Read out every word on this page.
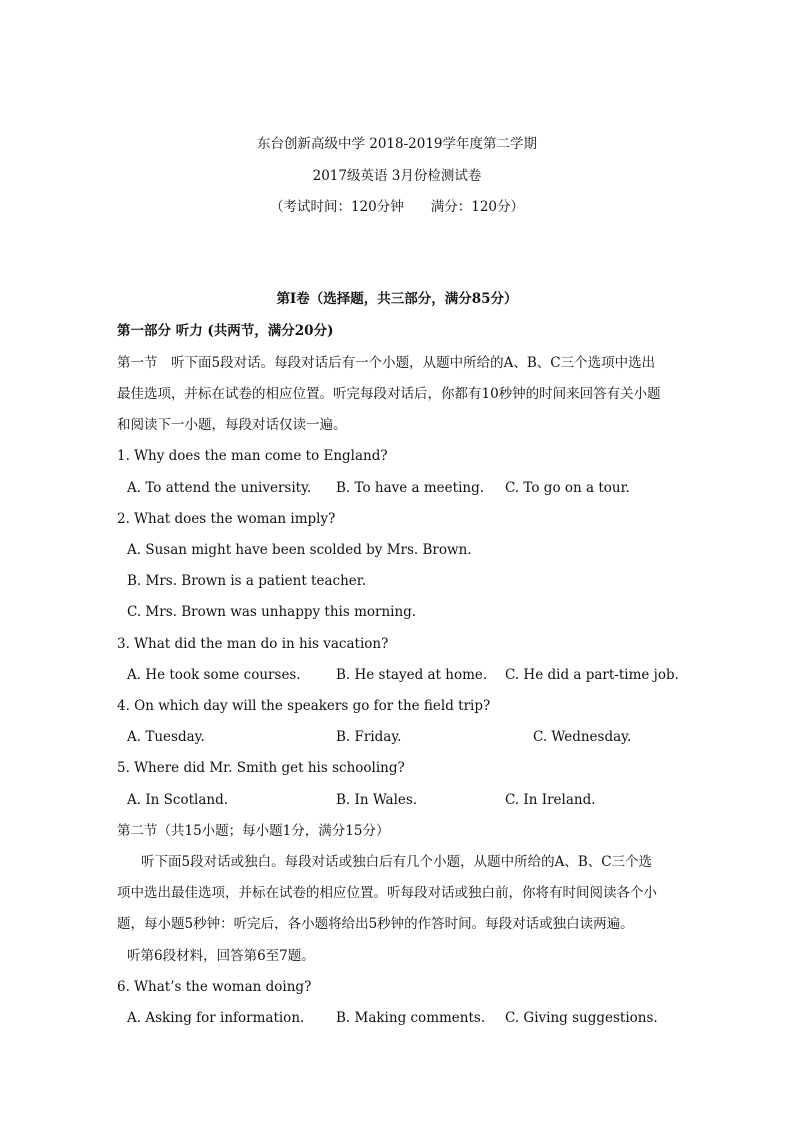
东台创新高级中学 2018-2019学年度第二学期
2017级英语 3月份检测试卷
（考试时间：120分钟　　满分：120分）
第I卷（选择题，共三部分，满分85分）
第一部分 听力 (共两节，满分20分)
第一节　听下面5段对话。每段对话后有一个小题，从题中所给的A、B、C三个选项中选出
最佳选项，并标在试卷的相应位置。听完每段对话后，你都有10秒钟的时间来回答有关小题
和阅读下一小题，每段对话仅读一遍。
1. Why does the man come to England?
A. To attend the university. B. To have a meeting. C. To go on a tour.
2. What does the woman imply?
A. Susan might have been scolded by Mrs. Brown.
B. Mrs. Brown is a patient teacher.
C. Mrs. Brown was unhappy this morning.
3. What did the man do in his vacation?
A. He took some courses.	B. He stayed at home. C. He did a part-time job.
4. On which day will the speakers go for the field trip?
A. Tuesday.	B. Friday.	C. Wednesday.
5. Where did Mr. Smith get his schooling?
A. In Scotland.	B. In Wales.	C. In Ireland.
第二节（共15小题；每小题1分，满分15分）
听下面5段对话或独白。每段对话或独白后有几个小题，从题中所给的A、B、C三个选
项中选出最佳选项，并标在试卷的相应位置。听每段对话或独白前，你将有时间阅读各个小
题，每小题5秒钟：听完后，各小题将给出5秒钟的作答时间。每段对话或独白读两遍。
听第6段材料，回答第6至7题。
6. What’s the woman doing?
A. Asking for information. B. Making comments. C. Giving suggestions.
